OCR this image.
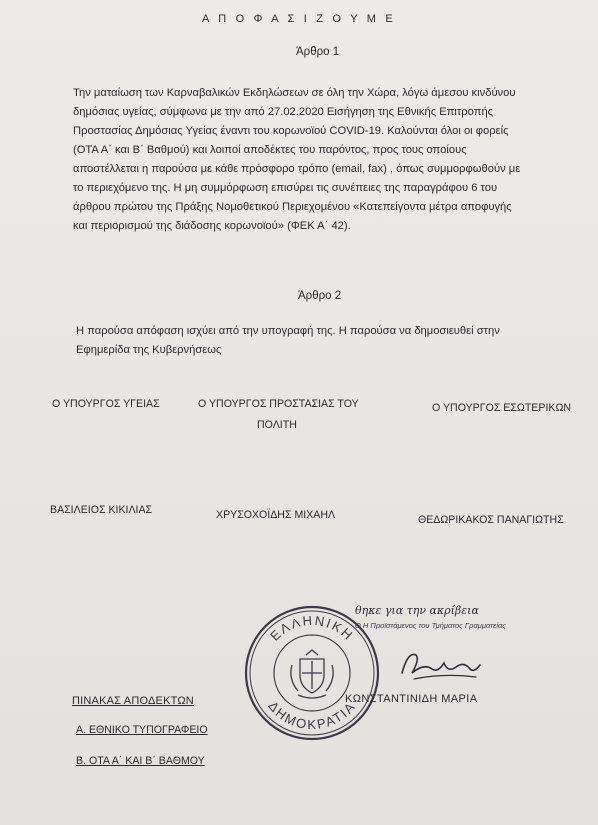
Α Π Ο Φ Α Σ Ι Ζ Ο Υ Μ Ε
Άρθρο 1
Την ματαίωση των Καρναβαλικών Εκδηλώσεων σε όλη την Χώρα, λόγω άμεσου κινδύνου
δημόσιας υγείας, σύμφωνα με την από 27.02.2020 Εισήγηση της Εθνικής Επιτροπής
Προστασίας Δημόσιας Υγείας έναντι του κορωνοϊού COVID-19. Καλούνται όλοι οι φορείς
(ΟΤΑ Α΄ και Β΄ Βαθμού) και λοιποί αποδέκτες του παρόντος, προς τους οποίους
αποστέλλεται η παρούσα με κάθε πρόσφορο τρόπο (email, fax) , όπως συμμορφωθούν με
το περιεχόμενο της. Η μη συμμόρφωση επισύρει τις συνέπειες της παραγράφου 6 του
άρθρου πρώτου της Πράξης Νομοθετικού Περιεχομένου «Κατεπείγοντα μέτρα αποφυγής
και περιορισμού της διάδοσης κορωνοϊού» (ΦΕΚ Α΄ 42).
Άρθρο 2
Η παρούσα απόφαση ισχύει από την υπογραφή της. Η παρούσα να δημοσιευθεί στην
Εφημερίδα της Κυβερνήσεως
Ο ΥΠΟΥΡΓΟΣ ΥΓΕΙΑΣ	Ο ΥΠΟΥΡΓΟΣ ΠΡΟΣΤΑΣΙΑΣ ΤΟΥ
ΠΟΛΙΤΗ
Ο ΥΠΟΥΡΓΟΣ ΕΣΩΤΕΡΙΚΩΝ
ΒΑΣΙΛΕΙΟΣ ΚΙΚΙΛΙΑΣ	ΧΡΥΣΟΧΟΪΔΗΣ ΜΙΧΑΗΛ	ΘΕΔΩΡΙΚΑΚΟΣ ΠΑΝΑΓΙΩΤΗΣ
ΕΛΛΗΝΙΚΗ
ΔΗΜΟΚΡΑΤΙΑ
θηκε για την ακρίβεια
Ο Η Προϊστάμενος του Τμήματος Γραμματείας
ΚΩΝΣΤΑΝΤΙΝΙΔΗ ΜΑΡΙΑ
ΠΙΝΑΚΑΣ ΑΠΟΔΕΚΤΩΝ
Α. ΕΘΝΙΚΟ ΤΥΠΟΓΡΑΦΕΙΟ
Β. ΟΤΑ Α΄ ΚΑΙ Β΄ ΒΑΘΜΟΥ
